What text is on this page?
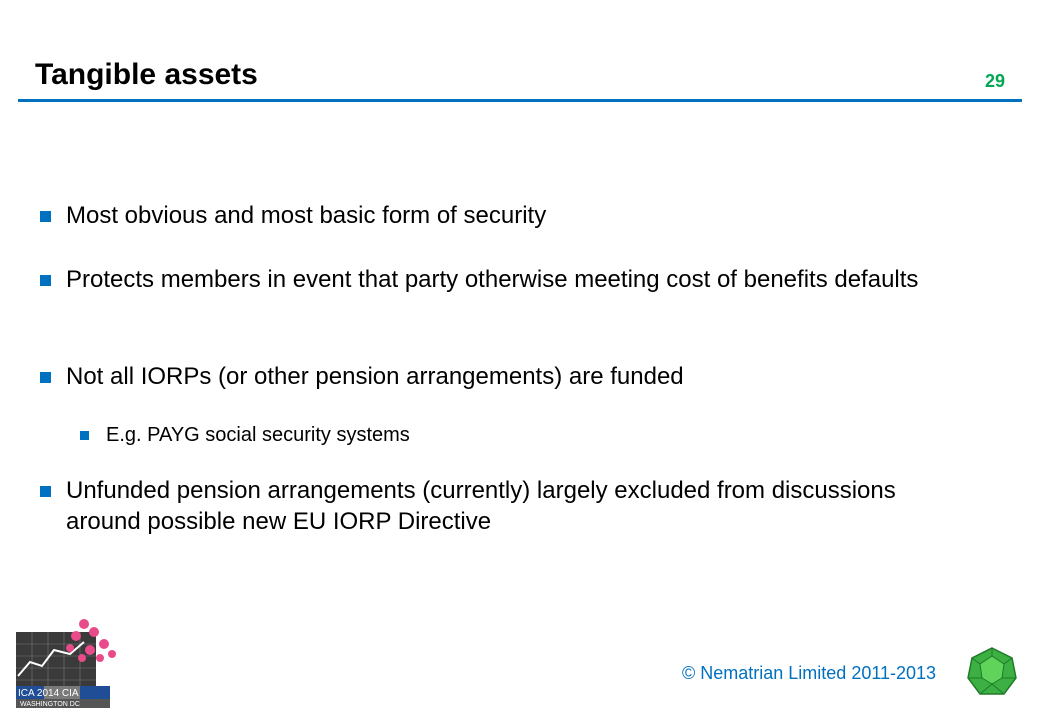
Tangible assets	29
Most obvious and most basic form of security
Protects members in event that party otherwise meeting cost of benefits defaults
Not all IORPs (or other pension arrangements) are funded
E.g. PAYG social security systems
Unfunded pension arrangements (currently) largely excluded from discussions around possible new EU IORP Directive
ICA 2014 CIA
WASHINGTON DC
© Nematrian Limited 2011-2013
